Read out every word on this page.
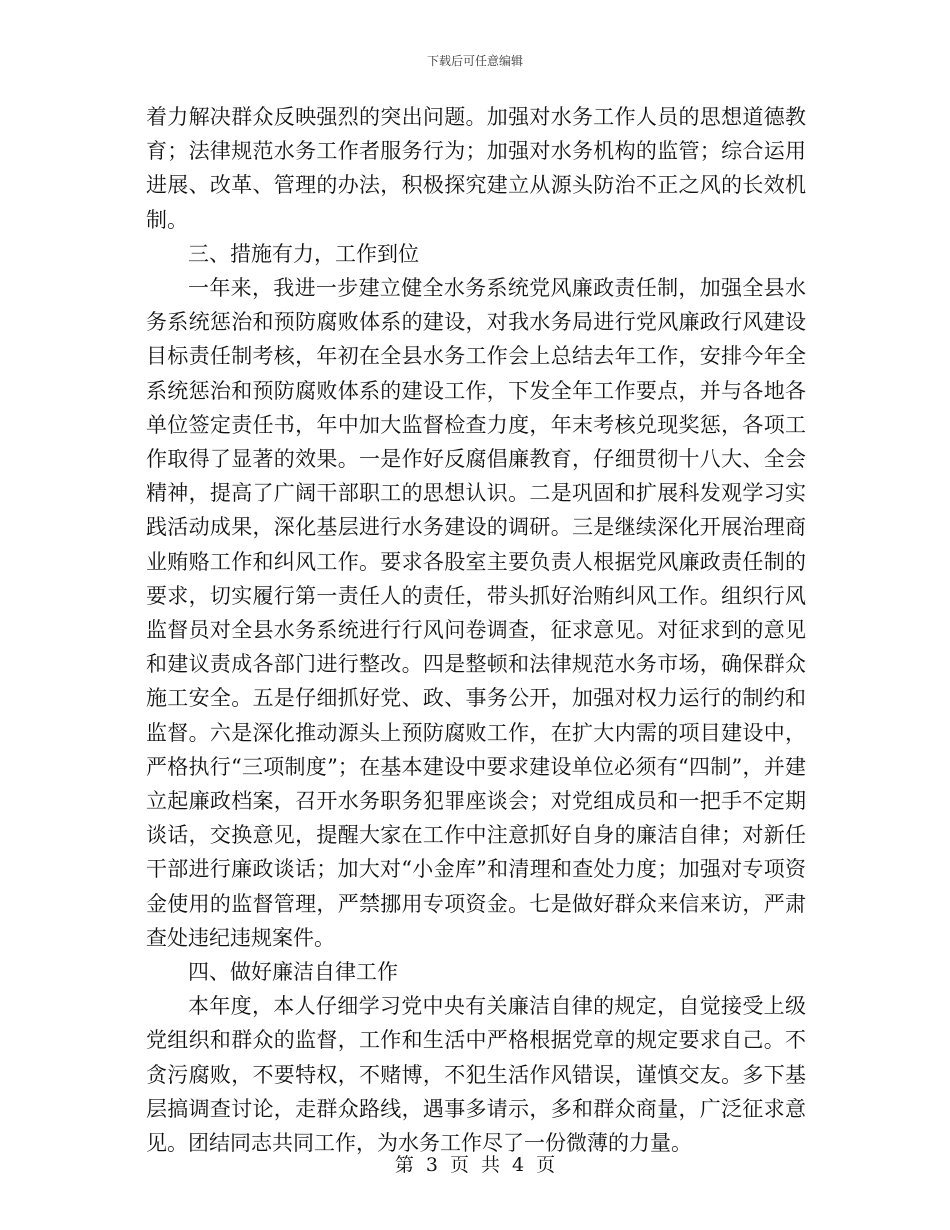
下载后可任意编辑

着力解决群众反映强烈的突出问题。加强对水务工作人员的思想道德教育；法律规范水务工作者服务行为；加强对水务机构的监管；综合运用进展、改革、管理的办法，积极探究建立从源头防治不正之风的长效机制。

三、措施有力，工作到位

一年来，我进一步建立健全水务系统党风廉政责任制，加强全县水务系统惩治和预防腐败体系的建设，对我水务局进行党风廉政行风建设目标责任制考核，年初在全县水务工作会上总结去年工作，安排今年全系统惩治和预防腐败体系的建设工作，下发全年工作要点，并与各地各单位签定责任书，年中加大监督检查力度，年末考核兑现奖惩，各项工作取得了显著的效果。一是作好反腐倡廉教育，仔细贯彻十八大、全会精神，提高了广阔干部职工的思想认识。二是巩固和扩展科发观学习实践活动成果，深化基层进行水务建设的调研。三是继续深化开展治理商业贿赂工作和纠风工作。要求各股室主要负责人根据党风廉政责任制的要求，切实履行第一责任人的责任，带头抓好治贿纠风工作。组织行风监督员对全县水务系统进行行风问卷调查，征求意见。对征求到的意见和建议责成各部门进行整改。四是整顿和法律规范水务市场，确保群众施工安全。五是仔细抓好党、政、事务公开，加强对权力运行的制约和监督。六是深化推动源头上预防腐败工作，在扩大内需的项目建设中，严格执行“三项制度”；在基本建设中要求建设单位必须有“四制”，并建立起廉政档案，召开水务职务犯罪座谈会；对党组成员和一把手不定期谈话，交换意见，提醒大家在工作中注意抓好自身的廉洁自律；对新任干部进行廉政谈话；加大对“小金库”和清理和查处力度；加强对专项资金使用的监督管理，严禁挪用专项资金。七是做好群众来信来访，严肃查处违纪违规案件。

四、做好廉洁自律工作

本年度，本人仔细学习党中央有关廉洁自律的规定，自觉接受上级党组织和群众的监督，工作和生活中严格根据党章的规定要求自己。不贪污腐败，不要特权，不赌博，不犯生活作风错误，谨慎交友。多下基层搞调查讨论，走群众路线，遇事多请示，多和群众商量，广泛征求意见。团结同志共同工作，为水务工作尽了一份微薄的力量。

第 3 页 共 4 页
